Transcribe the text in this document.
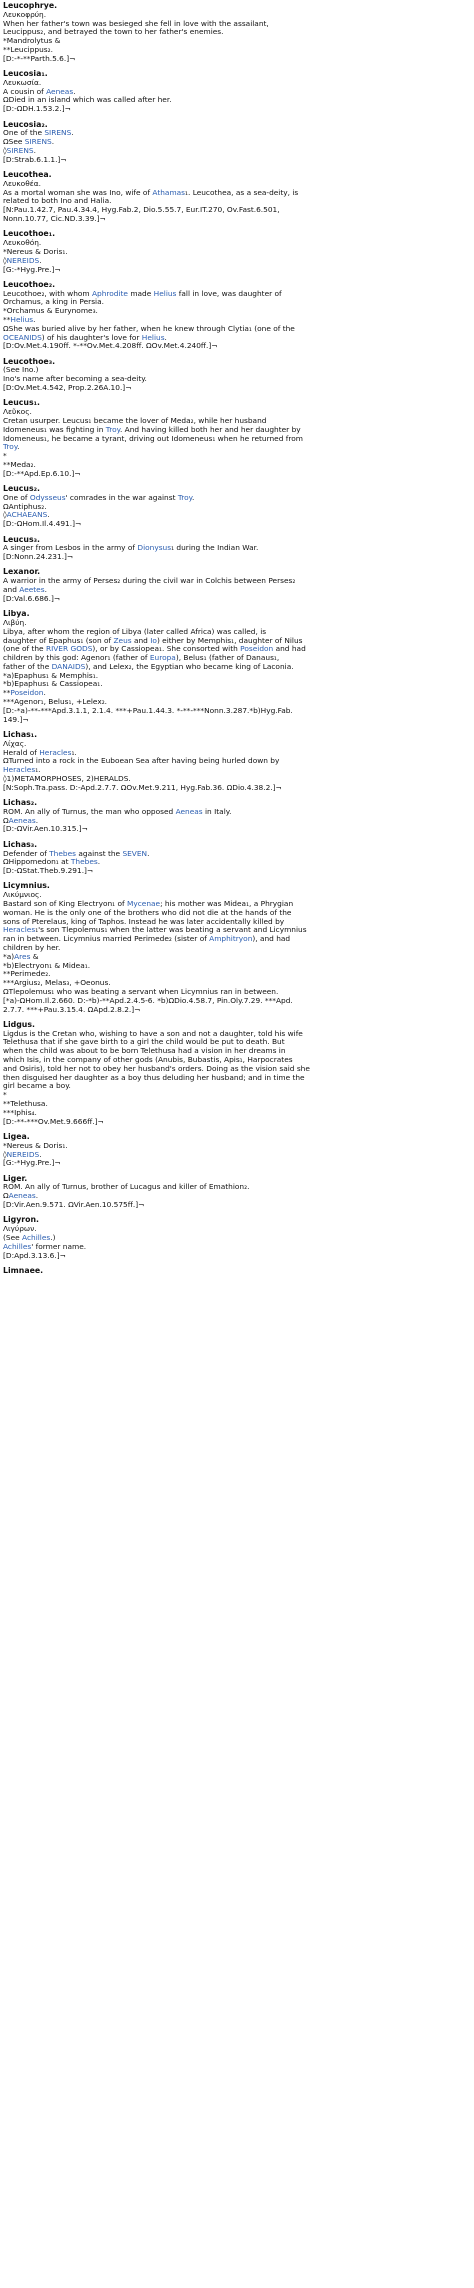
Leucophrye.
Λευκοφρύη.
When her father's town was besieged she fell in love with the assailant,
Leucippus₂, and betrayed the town to her father's enemies.
*Mandrolytus &
**Leucippus₂.
[D:-*-**Parth.5.6.]¬
Leucosia₁.
Λευκωσία.
A cousin of Aeneas.
ΩDied in an island which was called after her.
[D:-ΩDH.1.53.2.]¬
Leucosia₂.
One of the SIRENS.
ΩSee SIRENS.
◊SIRENS.
[D:Strab.6.1.1.]¬
Leucothea.
Λευκοθέα.
As a mortal woman she was Ino, wife of Athamas₁. Leucothea, as a sea-deity, is
related to both Ino and Halia.
[N:Pau.1.42.7, Pau.4.34.4, Hyg.Fab.2, Dio.5.55.7, Eur.IT.270, Ov.Fast.6.501,
Nonn.10.77, Cic.ND.3.39.]¬
Leucothoe₁.
Λευκοθόη.
*Nereus & Doris₁.
◊NEREIDS.
[G:-*Hyg.Pre.]¬
Leucothoe₂.
Leucothoe₂, with whom Aphrodite made Helius fall in love, was daughter of
Orchamus, a king in Persia.
*Orchamus & Eurynome₃.
**Helius.
ΩShe was buried alive by her father, when he knew through Clytia₁ (one of the
OCEANIDS) of his daughter's love for Helius.
[D:Ov.Met.4.190ff. *-**Ov.Met.4.208ff. ΩOv.Met.4.240ff.]¬
Leucothoe₃.
(See Ino.)
Ino's name after becoming a sea-deity.
[D:Ov.Met.4.542, Prop.2.26A.10.]¬
Leucus₁.
Λεῦκος.
Cretan usurper. Leucus₁ became the lover of Meda₂, while her husband
Idomeneus₁ was fighting in Troy. And having killed both her and her daughter by
Idomeneus₁, he became a tyrant, driving out Idomeneus₁ when he returned from
Troy.
*
**Meda₂.
[D:-**Apd.Ep.6.10.]¬
Leucus₂.
One of Odysseus' comrades in the war against Troy.
ΩAntiphus₂.
◊ACHAEANS.
[D:-ΩHom.Il.4.491.]¬
Leucus₃.
A singer from Lesbos in the army of Dionysus₁ during the Indian War.
[D:Nonn.24.231.]¬
Lexanor.
A warrior in the army of Perses₂ during the civil war in Colchis between Perses₂
and Aeetes.
[D:Val.6.686.]¬
Libya.
Λιβύη.
Libya, after whom the region of Libya (later called Africa) was called, is
daughter of Epaphus₁ (son of Zeus and Io) either by Memphis₁, daughter of Nilus
(one of the RIVER GODS), or by Cassiopea₁. She consorted with Poseidon and had
children by this god: Agenor₁ (father of Europa), Belus₁ (father of Danaus₁,
father of the DANAIDS), and Lelex₂, the Egyptian who became king of Laconia.
*a)Epaphus₁ & Memphis₁.
*b)Epaphus₁ & Cassiopea₁.
**Poseidon.
***Agenor₁, Belus₁, +Lelex₂.
[D:-*a)-**-***Apd.3.1.1, 2.1.4. ***+Pau.1.44.3. *-**-***Nonn.3.287.*b)Hyg.Fab.
149.]¬
Lichas₁.
Λίχας.
Herald of Heracles₁.
ΩTurned into a rock in the Euboean Sea after having being hurled down by
Heracles₁.
◊1)METAMORPHOSES, 2)HERALDS.
[N:Soph.Tra.pass. D:-Apd.2.7.7. ΩOv.Met.9.211, Hyg.Fab.36. ΩDio.4.38.2.]¬
Lichas₂.
ROM. An ally of Turnus, the man who opposed Aeneas in Italy.
ΩAeneas.
[D:-ΩVir.Aen.10.315.]¬
Lichas₃.
Defender of Thebes against the SEVEN.
ΩHippomedon₁ at Thebes.
[D:-ΩStat.Theb.9.291.]¬
Licymnius.
Λικύμνιος.
Bastard son of King Electryon₁ of Mycenae; his mother was Midea₁, a Phrygian
woman. He is the only one of the brothers who did not die at the hands of the
sons of Pterelaus, king of Taphos. Instead he was later accidentally killed by
Heracles₁'s son Tlepolemus₁ when the latter was beating a servant and Licymnius
ran in between. Licymnius married Perimede₂ (sister of Amphitryon), and had
children by her.
*a)Ares &
*b)Electryon₁ & Midea₁.
**Perimede₂.
***Argius₂, Melas₃, +Oeonus.
ΩTlepolemus₁ who was beating a servant when Licymnius ran in between.
[*a)-ΩHom.Il.2.660. D:-*b)-**Apd.2.4.5-6. *b)ΩDio.4.58.7, Pin.Oly.7.29. ***Apd.
2.7.7. ***+Pau.3.15.4. ΩApd.2.8.2.]¬
Lidgus.
Ligdus is the Cretan who, wishing to have a son and not a daughter, told his wife
Telethusa that if she gave birth to a girl the child would be put to death. But
when the child was about to be born Telethusa had a vision in her dreams in
which Isis, in the company of other gods (Anubis, Bubastis, Apis₁, Harpocrates
and Osiris), told her not to obey her husband's orders. Doing as the vision said she
then disguised her daughter as a boy thus deluding her husband; and in time the
girl became a boy.
*
**Telethusa.
***Iphis₄.
[D:-**-***Ov.Met.9.666ff.]¬
Ligea.
*Nereus & Doris₁.
◊NEREIDS.
[G:-*Hyg.Pre.]¬
Liger.
ROM. An ally of Turnus, brother of Lucagus and killer of Emathion₂.
ΩAeneas.
[D:Vir.Aen.9.571. ΩVir.Aen.10.575ff.]¬
Ligyron.
Λιγύρων.
(See Achilles.)
Achilles' former name.
[D:Apd.3.13.6.]¬
Limnaee.
